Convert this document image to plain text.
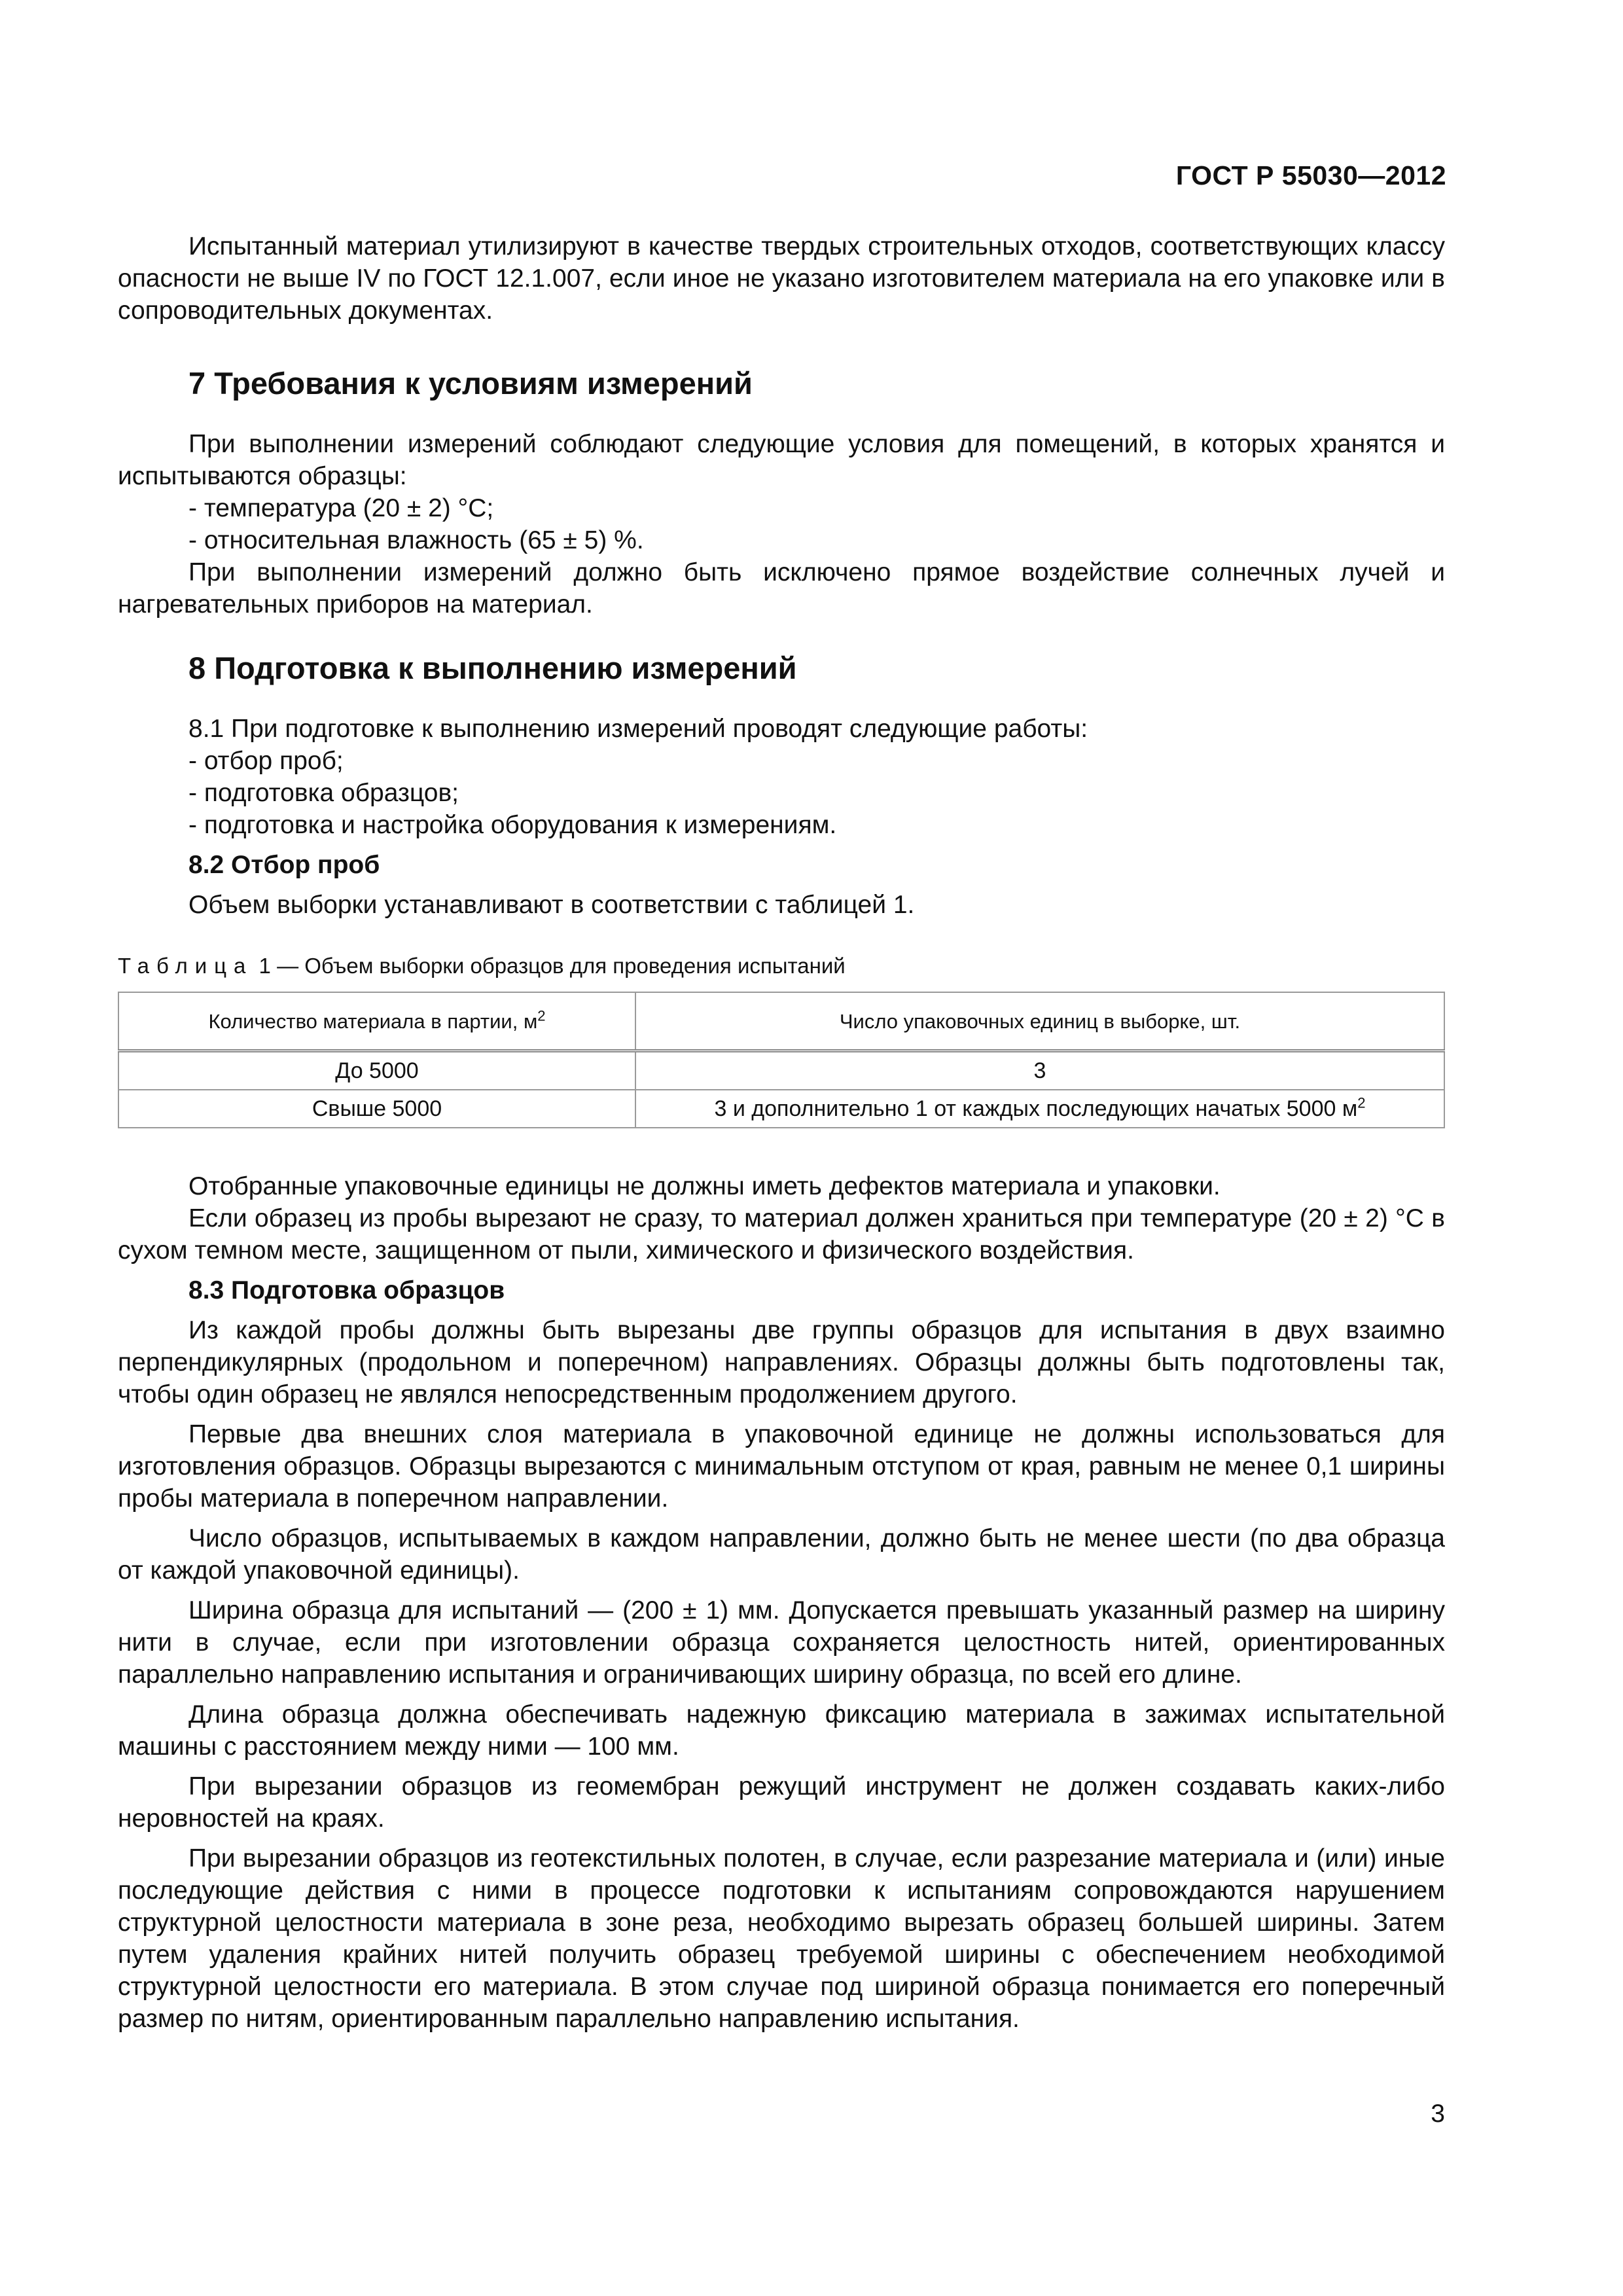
ГОСТ Р 55030—2012

Испытанный материал утилизируют в качестве твердых строительных отходов, соответствующих классу опасности не выше IV по ГОСТ 12.1.007, если иное не указано изготовителем материала на его упаковке или в сопроводительных документах.

7 Требования к условиям измерений

При выполнении измерений соблюдают следующие условия для помещений, в которых хранятся и испытываются образцы:

- температура (20 ± 2) °С;

- относительная влажность (65 ± 5) %.

При выполнении измерений должно быть исключено прямое воздействие солнечных лучей и нагревательных приборов на материал.

8 Подготовка к выполнению измерений

8.1 При подготовке к выполнению измерений проводят следующие работы:

- отбор проб;

- подготовка образцов;

- подготовка и настройка оборудования к измерениям.

8.2 Отбор проб

Объем выборки устанавливают в соответствии с таблицей 1.

Таблица 1 — Объем выборки образцов для проведения испытаний

Количество материала в партии, $м^2$	Число упаковочных единиц в выборке, шт.
До 5000	3
Свыше 5000	3 и дополнительно 1 от каждых последующих начатых 5000 $м^2$

Отобранные упаковочные единицы не должны иметь дефектов материала и упаковки.

Если образец из пробы вырезают не сразу, то материал должен храниться при температуре (20 ± 2) °С в сухом темном месте, защищенном от пыли, химического и физического воздействия.

8.3 Подготовка образцов

Из каждой пробы должны быть вырезаны две группы образцов для испытания в двух взаимно перпендикулярных (продольном и поперечном) направлениях. Образцы должны быть подготовлены так, чтобы один образец не являлся непосредственным продолжением другого.

Первые два внешних слоя материала в упаковочной единице не должны использоваться для изготовления образцов. Образцы вырезаются с минимальным отступом от края, равным не менее 0,1 ширины пробы материала в поперечном направлении.

Число образцов, испытываемых в каждом направлении, должно быть не менее шести (по два образца от каждой упаковочной единицы).

Ширина образца для испытаний — (200 ± 1) мм. Допускается превышать указанный размер на ширину нити в случае, если при изготовлении образца сохраняется целостность нитей, ориентированных параллельно направлению испытания и ограничивающих ширину образца, по всей его длине.

Длина образца должна обеспечивать надежную фиксацию материала в зажимах испытательной машины с расстоянием между ними — 100 мм.

При вырезании образцов из геомембран режущий инструмент не должен создавать каких-либо неровностей на краях.

При вырезании образцов из геотекстильных полотен, в случае, если разрезание материала и (или) иные последующие действия с ними в процессе подготовки к испытаниям сопровождаются нарушением структурной целостности материала в зоне реза, необходимо вырезать образец большей ширины. Затем путем удаления крайних нитей получить образец требуемой ширины с обеспечением необходимой структурной целостности его материала. В этом случае под шириной образца понимается его поперечный размер по нитям, ориентированным параллельно направлению испытания.

3
